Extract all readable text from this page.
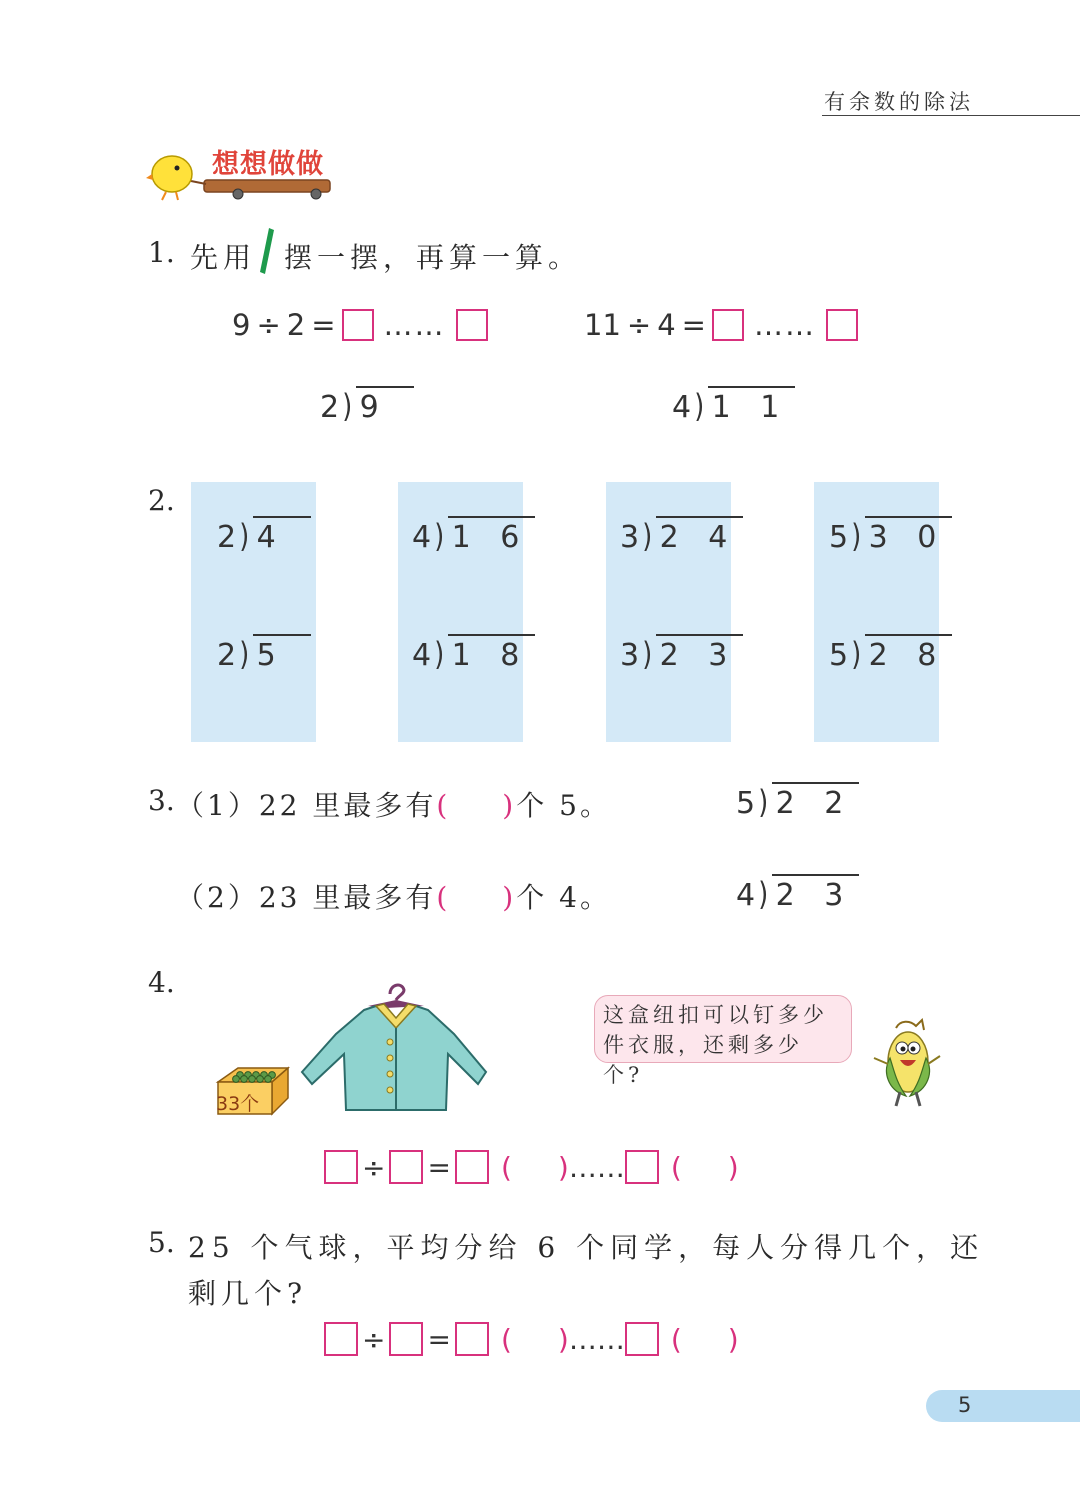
有余数的除法
想想做做
1. 先用 摆一摆，再算一算。
9 ÷ 2 = ……	11 ÷ 4 = ……
2 ) 9	4 ) 1 1
2.
2 ) 4
2 ) 5
4 ) 1 6
4 ) 1 8
3 ) 2 4
3 ) 2 3
5 ) 3 0
5 ) 2 8
3. （1）22 里最多有( )个 5。	5 ) 2 2
（2）23 里最多有( )个 4。	4 ) 2 3
4.
33个
这盒纽扣可以钉多少
件衣服，还剩多少个?
÷ = ( ) …… ( )
5. 25 个气球，平均分给 6 个同学，每人分得几个，还
剩几个?
÷ = ( ) …… ( )
5
